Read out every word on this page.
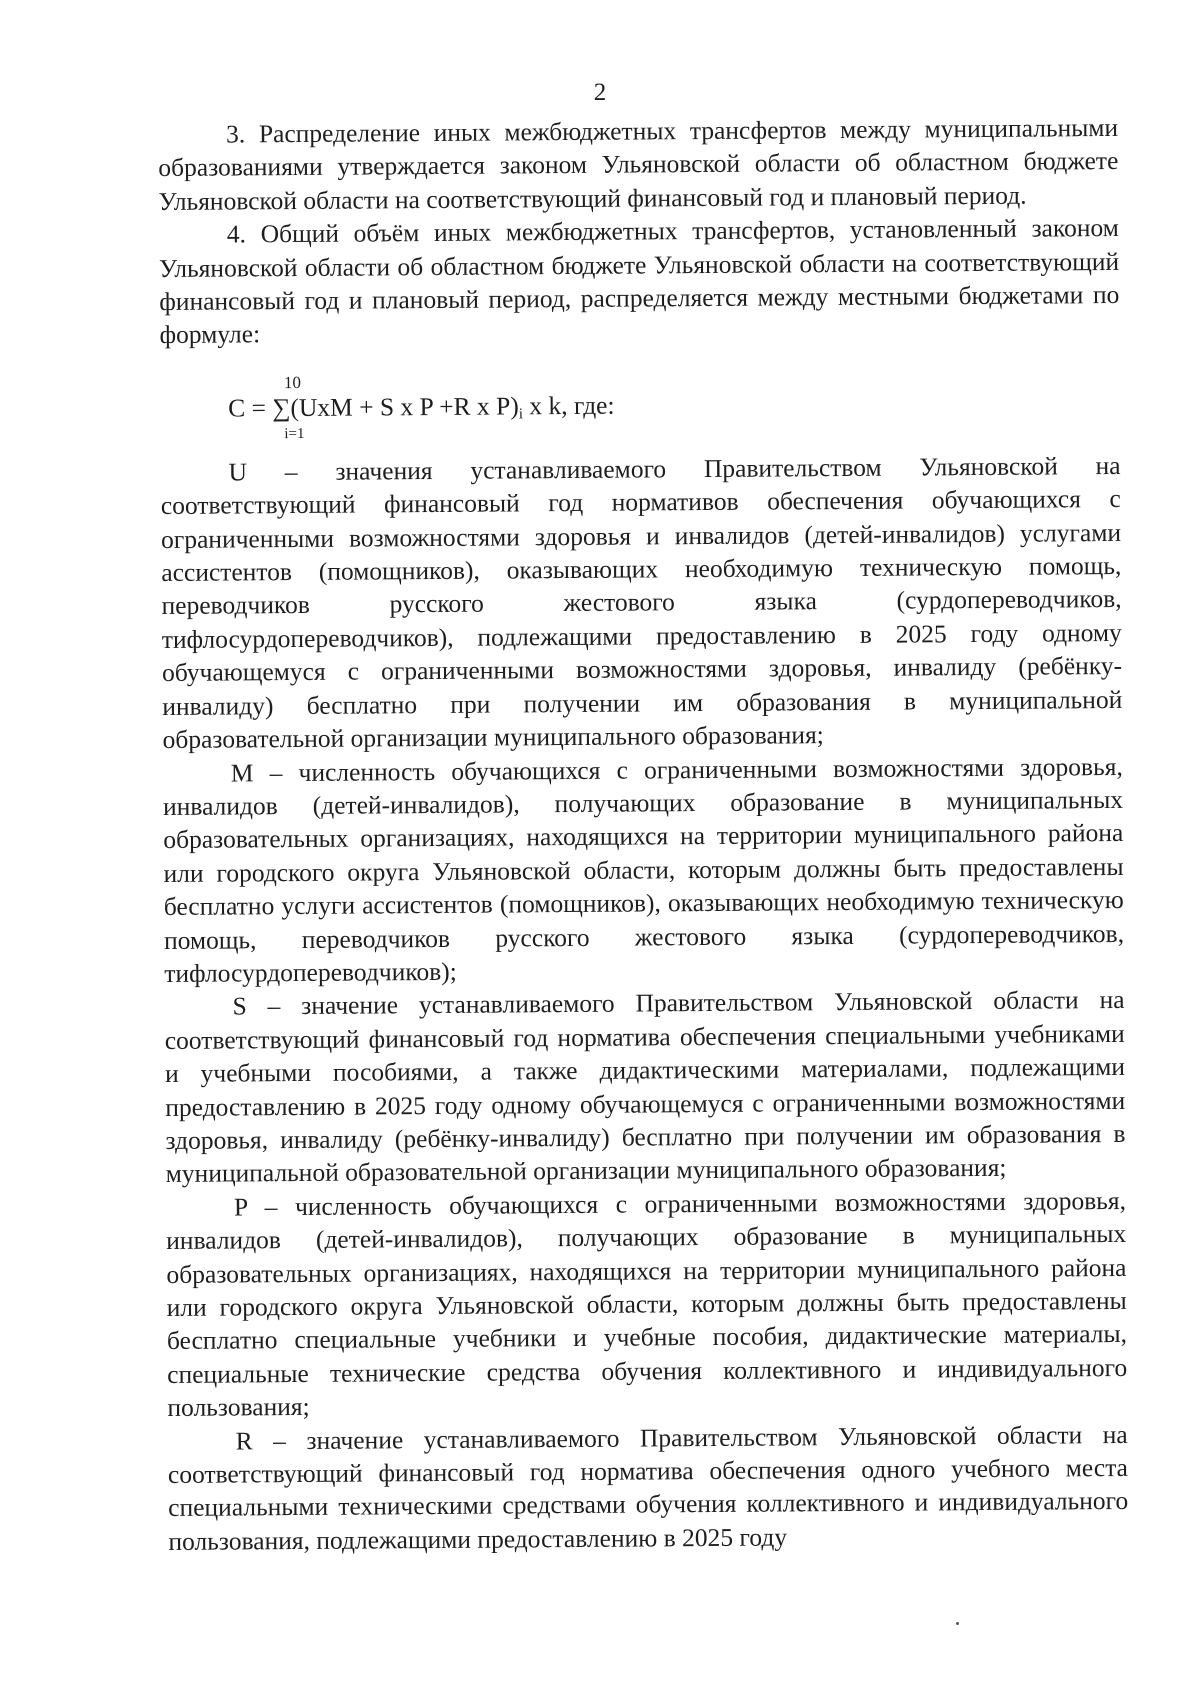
2

3. Распределение иных межбюджетных трансфертов между муниципальными образованиями утверждается законом Ульяновской области об областном бюджете Ульяновской области на соответствующий финансовый год и плановый период.

4. Общий объём иных межбюджетных трансфертов, установленный законом Ульяновской области об областном бюджете Ульяновской области на соответствующий финансовый год и плановый период, распределяется между местными бюджетами по формуле:

10
C = ∑(UxM + S x P +R x P)i x k, где:
i=1

U – значения устанавливаемого Правительством Ульяновской на соответствующий финансовый год нормативов обеспечения обучающихся с ограниченными возможностями здоровья и инвалидов (детей-инвалидов) услугами ассистентов (помощников), оказывающих необходимую техническую помощь, переводчиков русского жестового языка (сурдопереводчиков, тифлосурдопереводчиков), подлежащими предоставлению в 2025 году одному обучающемуся с ограниченными возможностями здоровья, инвалиду (ребёнку-инвалиду) бесплатно при получении им образования в муниципальной образовательной организации муниципального образования;

M – численность обучающихся с ограниченными возможностями здоровья, инвалидов (детей-инвалидов), получающих образование в муниципальных образовательных организациях, находящихся на территории муниципального района или городского округа Ульяновской области, которым должны быть предоставлены бесплатно услуги ассистентов (помощников), оказывающих необходимую техническую помощь, переводчиков русского жестового языка (сурдопереводчиков, тифлосурдопереводчиков);

S – значение устанавливаемого Правительством Ульяновской области на соответствующий финансовый год норматива обеспечения специальными учебниками и учебными пособиями, а также дидактическими материалами, подлежащими предоставлению в 2025 году одному обучающемуся с ограниченными возможностями здоровья, инвалиду (ребёнку-инвалиду) бесплатно при получении им образования в муниципальной образовательной организации муниципального образования;

P – численность обучающихся с ограниченными возможностями здоровья, инвалидов (детей-инвалидов), получающих образование в муниципальных образовательных организациях, находящихся на территории муниципального района или городского округа Ульяновской области, которым должны быть предоставлены бесплатно специальные учебники и учебные пособия, дидактические материалы, специальные технические средства обучения коллективного и индивидуального пользования;

R – значение устанавливаемого Правительством Ульяновской области на соответствующий финансовый год норматива обеспечения одного учебного места специальными техническими средствами обучения коллективного и индивидуального пользования, подлежащими предоставлению в 2025 году
